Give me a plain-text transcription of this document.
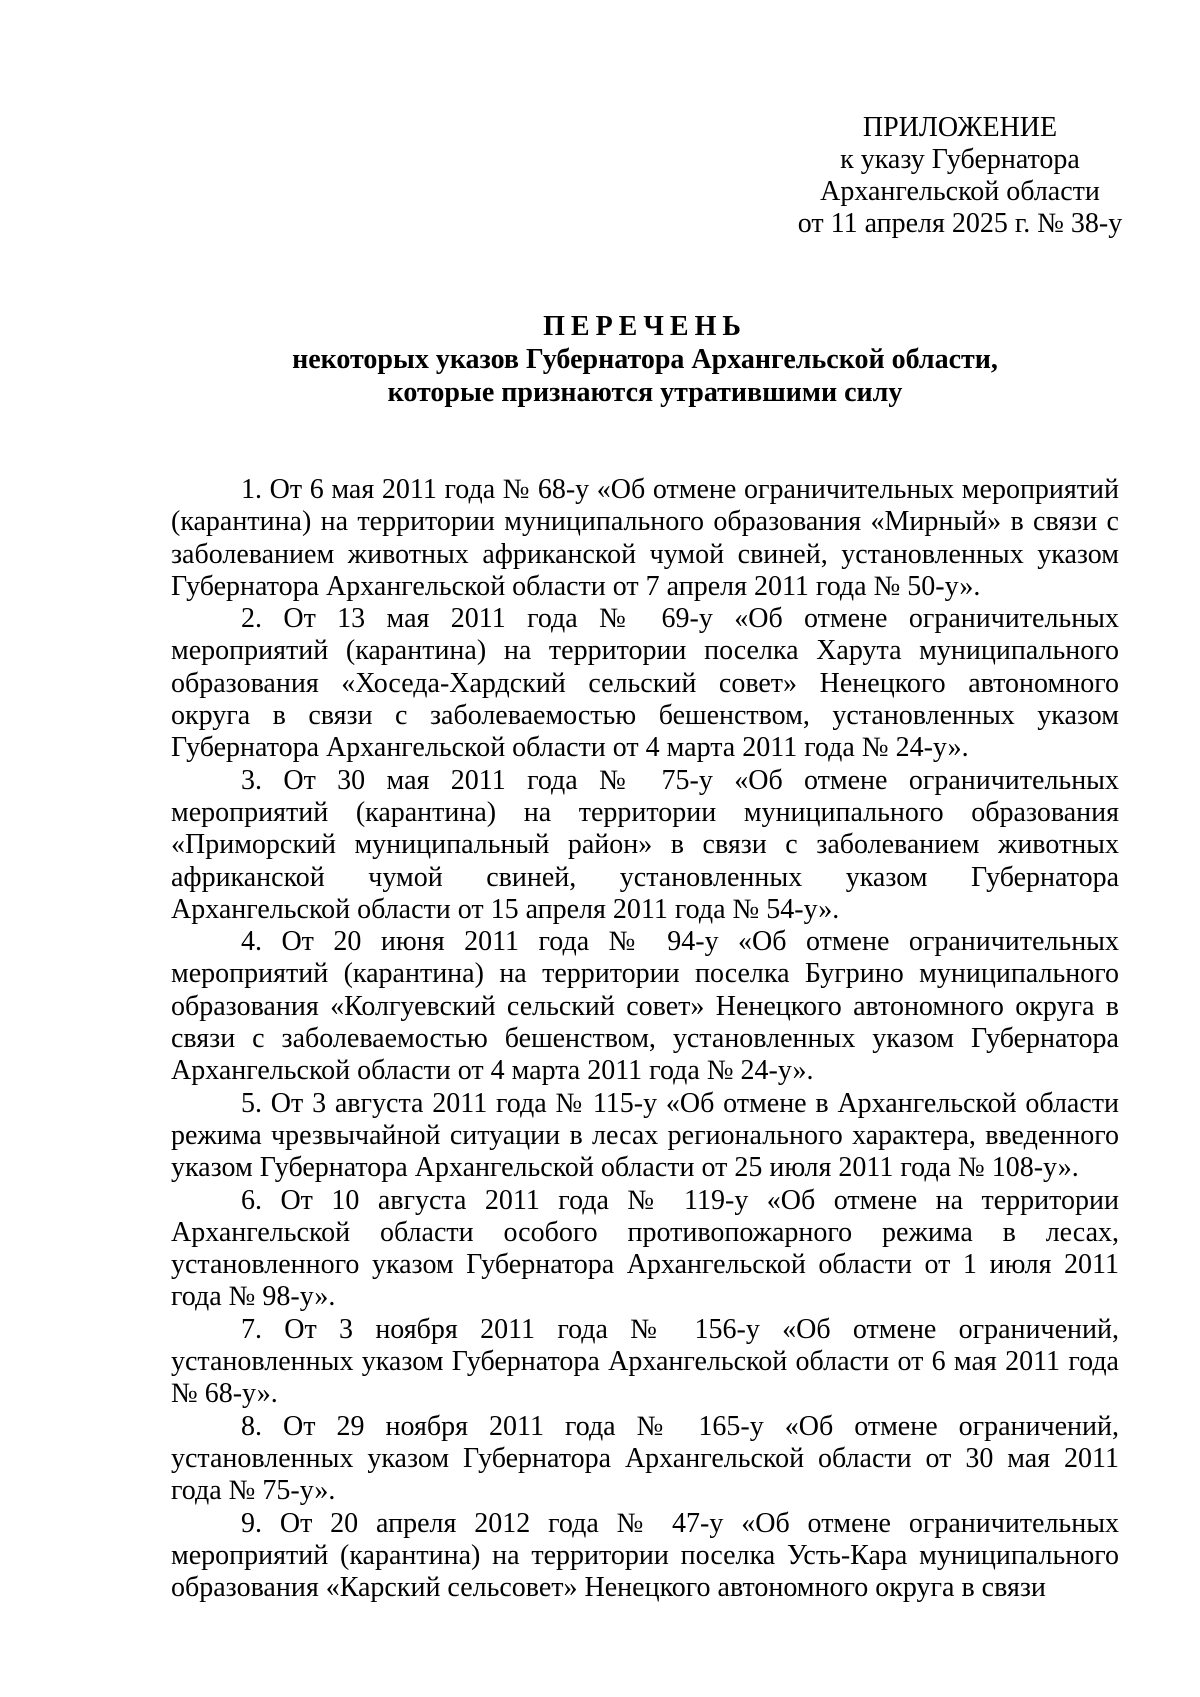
ПРИЛОЖЕНИЕ
к указу Губернатора
Архангельской области
от 11 апреля 2025 г. № 38-у
ПЕРЕЧЕНЬ
некоторых указов Губернатора Архангельской области,
которые признаются утратившими силу

1. От 6 мая 2011 года № 68-у «Об отмене ограничительных мероприятий (карантина) на территории муниципального образования «Мирный» в связи с заболеванием животных африканской чумой свиней, установленных указом Губернатора Архангельской области от 7 апреля 2011 года № 50-у».

2. От 13 мая 2011 года № 69-у «Об отмене ограничительных мероприятий (карантина) на территории поселка Харута муниципального образования «Хоседа-Хардский сельский совет» Ненецкого автономного округа в связи с заболеваемостью бешенством, установленных указом Губернатора Архангельской области от 4 марта 2011 года № 24-у».

3. От 30 мая 2011 года № 75-у «Об отмене ограничительных мероприятий (карантина) на территории муниципального образования «Приморский муниципальный район» в связи с заболеванием животных африканской чумой свиней, установленных указом Губернатора Архангельской области от 15 апреля 2011 года № 54-у».

4. От 20 июня 2011 года № 94-у «Об отмене ограничительных мероприятий (карантина) на территории поселка Бугрино муниципального образования «Колгуевский сельский совет» Ненецкого автономного округа в связи с заболеваемостью бешенством, установленных указом Губернатора Архангельской области от 4 марта 2011 года № 24-у».

5. От 3 августа 2011 года № 115-у «Об отмене в Архангельской области режима чрезвычайной ситуации в лесах регионального характера, введенного указом Губернатора Архангельской области от 25 июля 2011 года № 108-у».

6. От 10 августа 2011 года № 119-у «Об отмене на территории Архангельской области особого противопожарного режима в лесах, установленного указом Губернатора Архангельской области от 1 июля 2011 года № 98-у».

7. От 3 ноября 2011 года № 156-у «Об отмене ограничений, установленных указом Губернатора Архангельской области от 6 мая 2011 года № 68-у».

8. От 29 ноября 2011 года № 165-у «Об отмене ограничений, установленных указом Губернатора Архангельской области от 30 мая 2011 года № 75-у».

9. От 20 апреля 2012 года № 47-у «Об отмене ограничительных мероприятий (карантина) на территории поселка Усть-Кара муниципального образования «Карский сельсовет» Ненецкого автономного округа в связи
